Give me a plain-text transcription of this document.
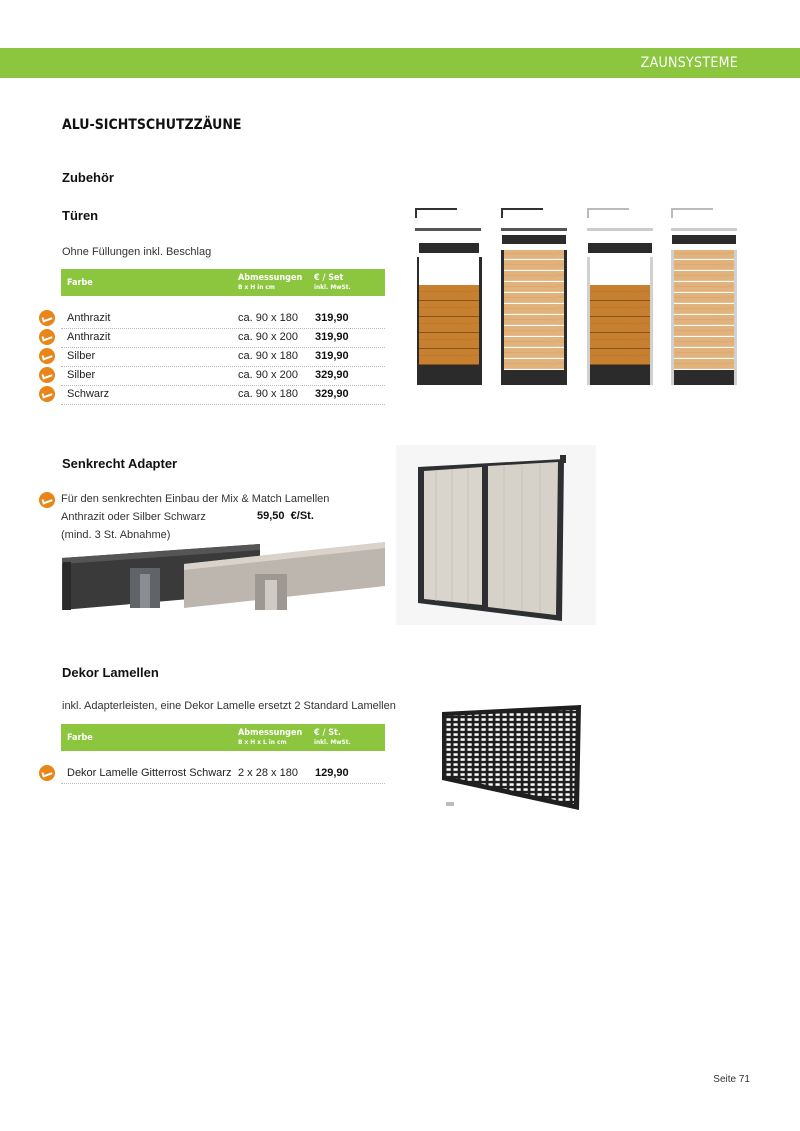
ZAUNSYSTEME
ALU-SICHTSCHUTZZÄUNE
Zubehör
Türen
Ohne Füllungen inkl. Beschlag
Farbe	Abmessungen
B x H in cm
€ / Set
inkl. MwSt.
Anthrazit	ca. 90 x 180 319,90
Anthrazit	ca. 90 x 200 319,90
Silber	ca. 90 x 180 319,90
Silber	ca. 90 x 200 329,90
Schwarz	ca. 90 x 180 329,90
Senkrecht Adapter
Für den senkrechten Einbau der Mix & Match Lamellen
Anthrazit oder Silber Schwarz	59,50 €/St.
(mind. 3 St. Abnahme)
Dekor Lamellen
inkl. Adapterleisten, eine Dekor Lamelle ersetzt 2 Standard Lamellen
Farbe	Abmessungen
B x H x L in cm
€ / St.
inkl. MwSt.
Dekor Lamelle Gitterrost Schwarz 2 x 28 x 180 129,90
Seite 71
